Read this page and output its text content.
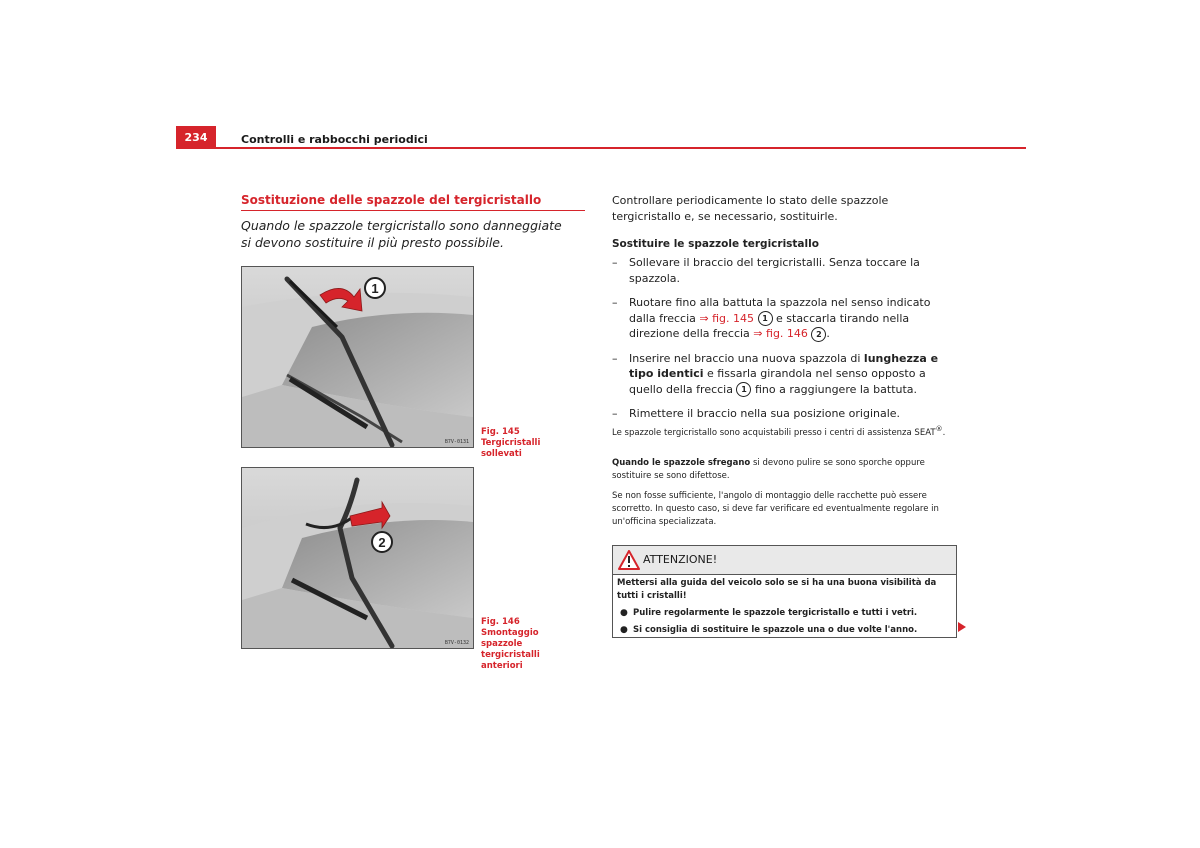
234	Controlli e rabbocchi periodici
Sostituzione delle spazzole del tergicristallo
Quando le spazzole tergicristallo sono danneggiate si devono sostituire il più presto possibile.
1
B7V-0131
Fig. 145   Tergicristalli sollevati
2
B7V-0132
Fig. 146   Smontaggio spazzole tergicristalli anteriori
Controllare periodicamente lo stato delle spazzole tergicristallo e, se necessario, sostituirle.
Sostituire le spazzole tergicristallo
– Sollevare il braccio del tergicristalli. Senza toccare la spazzola.
– Ruotare fino alla battuta la spazzola nel senso indicato dalla freccia ⇒ fig. 145 1 e staccarla tirando nella direzione della freccia ⇒ fig. 146 2 .
– Inserire nel braccio una nuova spazzola di lunghezza e tipo identici e fissarla girandola nel senso opposto a quello della freccia 1 fino a raggiungere la battuta.
– Rimettere il braccio nella sua posizione originale.
Le spazzole tergicristallo sono acquistabili presso i centri di assistenza SEAT®.
Quando le spazzole sfregano si devono pulire se sono sporche oppure sostituire se sono difettose.
Se non fosse sufficiente, l'angolo di montaggio delle racchette può essere scorretto. In questo caso, si deve far verificare ed eventualmente regolare in un'officina specializzata.
ATTENZIONE!
Mettersi alla guida del veicolo solo se si ha una buona visibilità da tutti i cristalli!
● Pulire regolarmente le spazzole tergicristallo e tutti i vetri.
● Si consiglia di sostituire le spazzole una o due volte l'anno.
